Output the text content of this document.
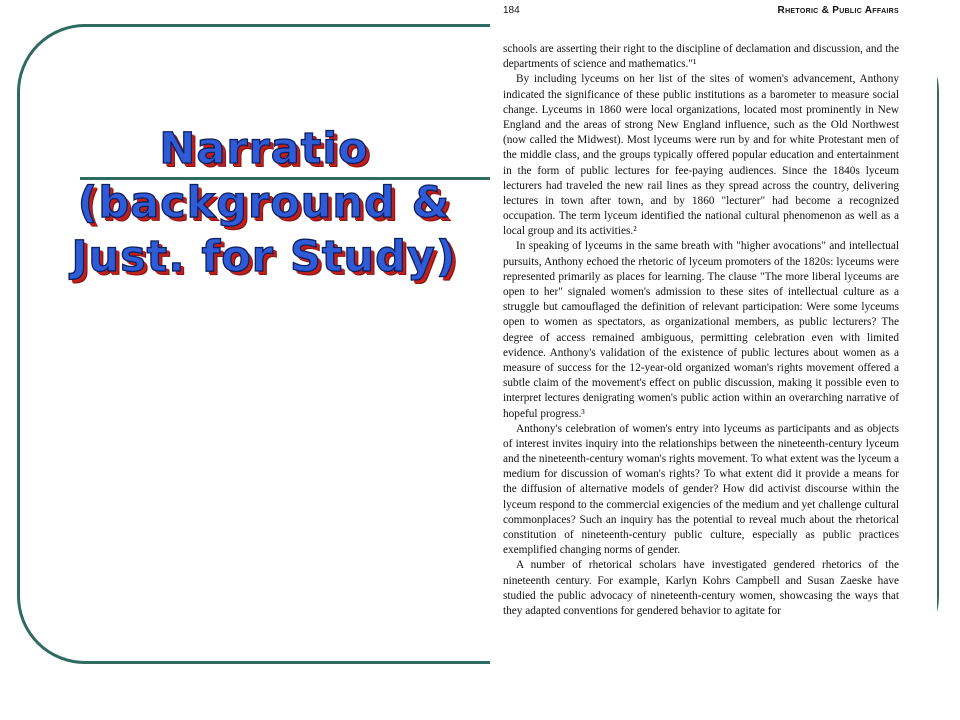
Narratio
(background &
Just. for Study)
184	Rhetoric & Public Affairs

schools are asserting their right to the discipline of declamation and discussion, and the departments of science and mathematics."¹

By including lyceums on her list of the sites of women's advancement, Anthony indicated the significance of these public institutions as a barometer to measure social change. Lyceums in 1860 were local organizations, located most prominently in New England and the areas of strong New England influence, such as the Old Northwest (now called the Midwest). Most lyceums were run by and for white Protestant men of the middle class, and the groups typically offered popular education and entertainment in the form of public lectures for fee-paying audiences. Since the 1840s lyceum lecturers had traveled the new rail lines as they spread across the country, delivering lectures in town after town, and by 1860 "lecturer" had become a recognized occupation. The term lyceum identified the national cultural phenomenon as well as a local group and its activities.²

In speaking of lyceums in the same breath with "higher avocations" and intellectual pursuits, Anthony echoed the rhetoric of lyceum promoters of the 1820s: lyceums were represented primarily as places for learning. The clause "The more liberal lyceums are open to her" signaled women's admission to these sites of intellectual culture as a struggle but camouflaged the definition of relevant participation: Were some lyceums open to women as spectators, as organizational members, as public lecturers? The degree of access remained ambiguous, permitting celebration even with limited evidence. Anthony's validation of the existence of public lectures about women as a measure of success for the 12-year-old organized woman's rights movement offered a subtle claim of the movement's effect on public discussion, making it possible even to interpret lectures denigrating women's public action within an overarching narrative of hopeful progress.³

Anthony's celebration of women's entry into lyceums as participants and as objects of interest invites inquiry into the relationships between the nineteenth-century lyceum and the nineteenth-century woman's rights movement. To what extent was the lyceum a medium for discussion of woman's rights? To what extent did it provide a means for the diffusion of alternative models of gender? How did activist discourse within the lyceum respond to the commercial exigencies of the medium and yet challenge cultural commonplaces? Such an inquiry has the potential to reveal much about the rhetorical constitution of nineteenth-century public culture, especially as public practices exemplified changing norms of gender.

A number of rhetorical scholars have investigated gendered rhetorics of the nineteenth century. For example, Karlyn Kohrs Campbell and Susan Zaeske have studied the public advocacy of nineteenth-century women, showcasing the ways that they adapted conventions for gendered behavior to agitate for
